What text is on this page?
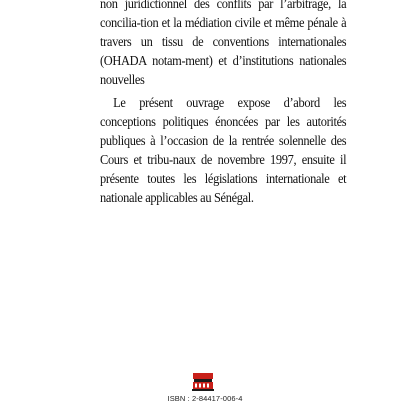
non juridictionnel des conflits par l’arbitrage, la concilia-tion et la médiation civile et même pénale à travers un tissu de conventions internationales (OHADA notam-ment) et d’institutions nationales nouvelles

Le présent ouvrage expose d’abord les conceptions politiques énoncées par les autorités publiques à l’occasion de la rentrée solennelle des Cours et tribu-naux de novembre 1997, ensuite il présente toutes les législations internationale et nationale applicables au Sénégal.

ISBN : 2-84417-006-4
